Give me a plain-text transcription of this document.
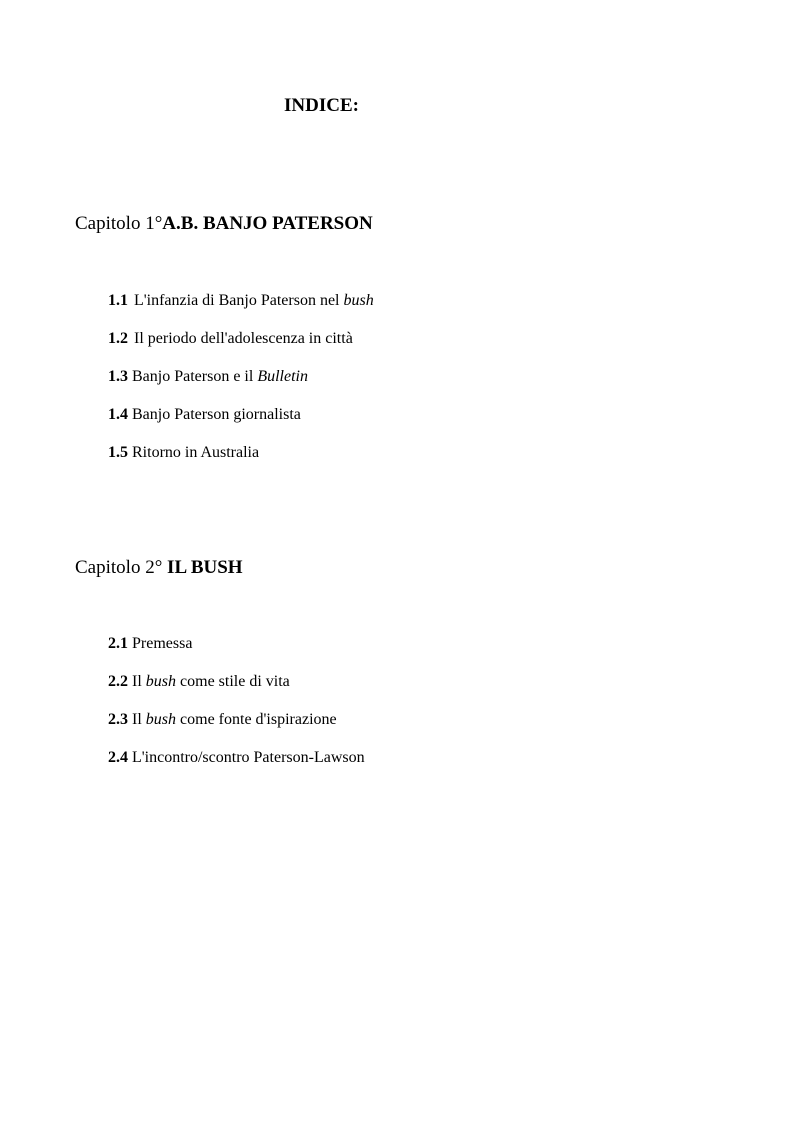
INDICE:
Capitolo 1°A.B. BANJO PATERSON
1.1 L'infanzia di Banjo Paterson nel bush
1.2 Il periodo dell'adolescenza in città
1.3 Banjo Paterson e il Bulletin
1.4 Banjo Paterson giornalista
1.5 Ritorno in Australia
Capitolo 2° IL BUSH
2.1 Premessa
2.2 Il bush come stile di vita
2.3 Il bush come fonte d'ispirazione
2.4 L'incontro/scontro Paterson-Lawson
